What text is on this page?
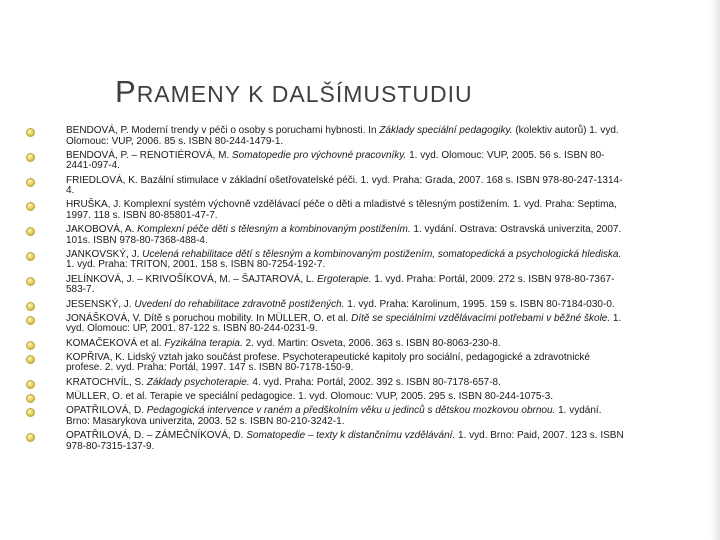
PRAMENY K DALŠÍMUSTUDIU
BENDOVÁ, P. Moderní trendy v péči o osoby s poruchami hybnosti. In Základy speciální pedagogiky. (kolektiv autorů) 1. vyd. Olomouc: VUP, 2006. 85 s. ISBN 80-244-1479-1.
BENDOVÁ, P. – RENOTIÉROVÁ, M. Somatopedie pro výchovné pracovníky. 1. vyd. Olomouc: VUP, 2005. 56 s. ISBN 80-2441-097-4.
FRIEDLOVÁ, K. Bazální stimulace v základní ošetřovatelské péči. 1. vyd. Praha: Grada, 2007. 168 s. ISBN 978-80-247-1314-4.
HRUŠKA, J. Komplexní systém výchovně vzdělávací péče o děti a mladistvé s tělesným postižením. 1. vyd. Praha: Septima, 1997. 118 s. ISBN 80-85801-47-7.
JAKOBOVÁ, A. Komplexní péče děti s tělesným a kombinovaným postižením. 1. vydání. Ostrava: Ostravská univerzita, 2007. 101s. ISBN 978-80-7368-488-4.
JANKOVSKÝ, J. Ucelená rehabilitace dětí s tělesným a kombinovaným postižením, somatopedická a psychologická hlediska. 1. vyd. Praha: TRITON, 2001. 158 s. ISBN 80-7254-192-7.
JELÍNKOVÁ, J. – KRIVOŠÍKOVÁ, M. – ŠAJTAROVÁ, L. Ergoterapie. 1. vyd. Praha: Portál, 2009. 272 s. ISBN 978-80-7367-583-7.
JESENSKÝ, J. Uvedení do rehabilitace zdravotně postižených. 1. vyd. Praha: Karolinum, 1995. 159 s. ISBN 80-7184-030-0.
JONÁŠKOVÁ, V. Dítě s poruchou mobility. In MÜLLER, O. et al. Dítě se speciálními vzdělávacími potřebami v běžné škole. 1. vyd. Olomouc: UP, 2001. 87-122 s. ISBN 80-244-0231-9.
KOMAČEKOVÁ et al. Fyzikálna terapia. 2. vyd. Martin: Osveta, 2006. 363 s. ISBN 80-8063-230-8.
KOPŘIVA, K. Lidský vztah jako součást profese. Psychoterapeutické kapitoly pro sociální, pedagogické a zdravotnické profese. 2. vyd. Praha: Portál, 1997. 147 s. ISBN 80-7178-150-9.
KRATOCHVÍL, S. Základy psychoterapie. 4. vyd. Praha: Portál, 2002. 392 s. ISBN 80-7178-657-8.
MÜLLER, O. et al. Terapie ve speciální pedagogice. 1. vyd. Olomouc: VUP, 2005. 295 s. ISBN 80-244-1075-3.
OPATŘILOVÁ, D. Pedagogická intervence v raném a předškolním věku u jedinců s dětskou mozkovou obrnou. 1. vydání. Brno: Masarykova univerzita, 2003. 52 s. ISBN 80-210-3242-1.
OPATŘILOVÁ, D. – ZÁMEČNÍKOVÁ, D. Somatopedie – texty k distančnímu vzdělávání. 1. vyd. Brno: Paid, 2007. 123 s. ISBN 978-80-7315-137-9.
